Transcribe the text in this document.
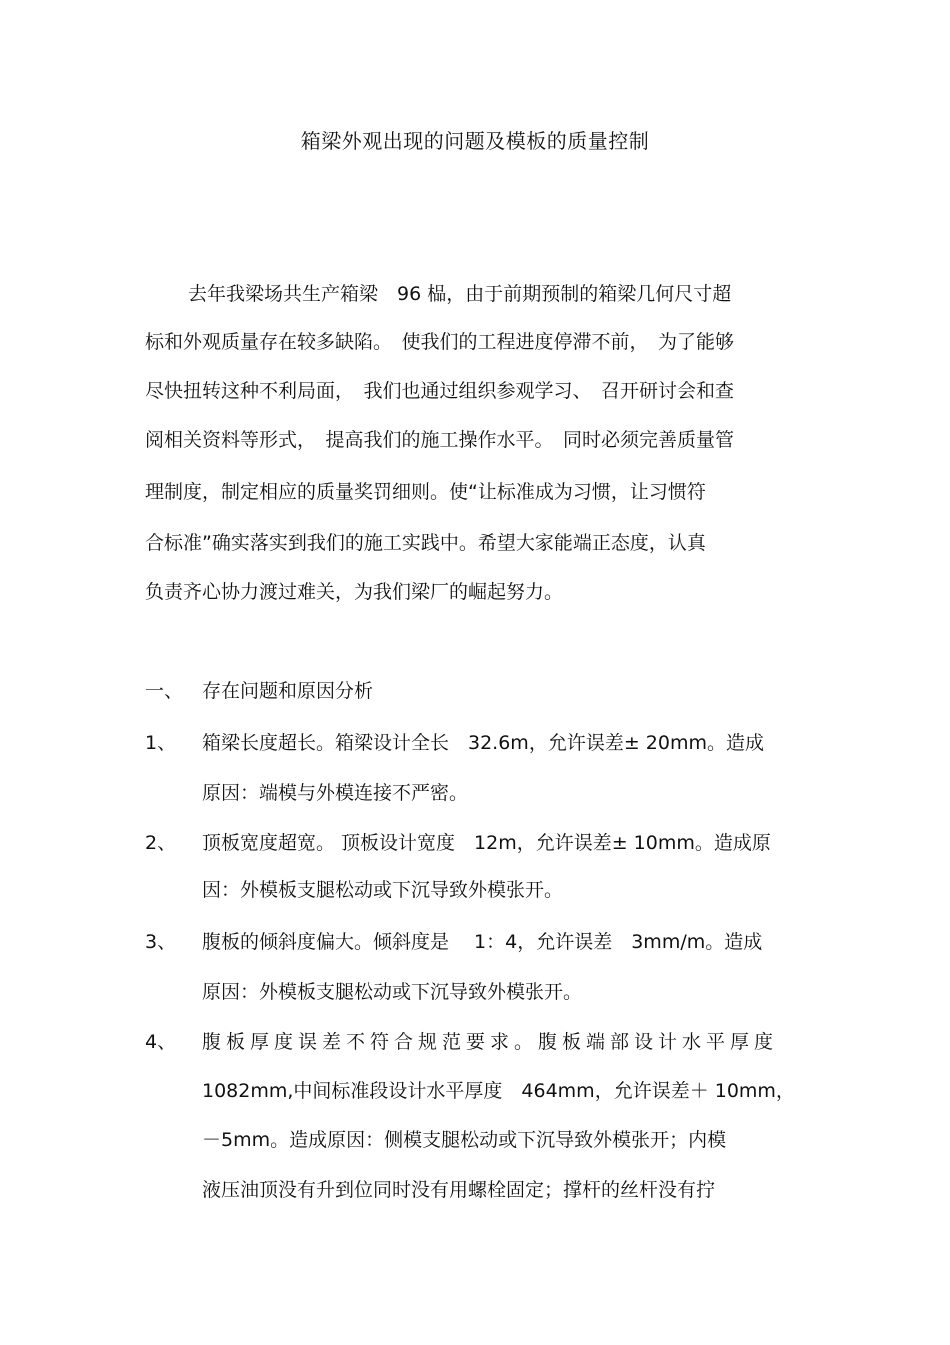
箱梁外观出现的问题及模板的质量控制
去年我梁场共生产箱梁　96 榀，由于前期预制的箱梁几何尺寸超
标和外观质量存在较多缺陷。　使我们的工程进度停滞不前，　为了能够
尽快扭转这种不利局面，　我们也通过组织参观学习、　召开研讨会和查
阅相关资料等形式，　提高我们的施工操作水平。　同时必须完善质量管
理制度，制定相应的质量奖罚细则。使“让标准成为习惯，让习惯符
合标准”确实落实到我们的施工实践中。希望大家能端正态度，认真
负责齐心协力渡过难关，为我们梁厂的崛起努力。
一、 存在问题和原因分析
1、 箱梁长度超长。箱梁设计全长　32.6m，允许误差± 20mm。造成
原因：端模与外模连接不严密。
2、 顶板宽度超宽。 顶板设计宽度　12m，允许误差± 10mm。造成原
因：外模板支腿松动或下沉导致外模张开。
3、 腹板的倾斜度偏大。倾斜度是　 1：4，允许误差　3mm/m。造成
原因：外模板支腿松动或下沉导致外模张开。
4、 腹板厚度误差不符合规范要求。腹板端部设计水平厚度
1082mm,中间标准段设计水平厚度　464mm，允许误差＋ 10mm，
－5mm。造成原因：侧模支腿松动或下沉导致外模张开；内模
液压油顶没有升到位同时没有用螺栓固定；撑杆的丝杆没有拧
